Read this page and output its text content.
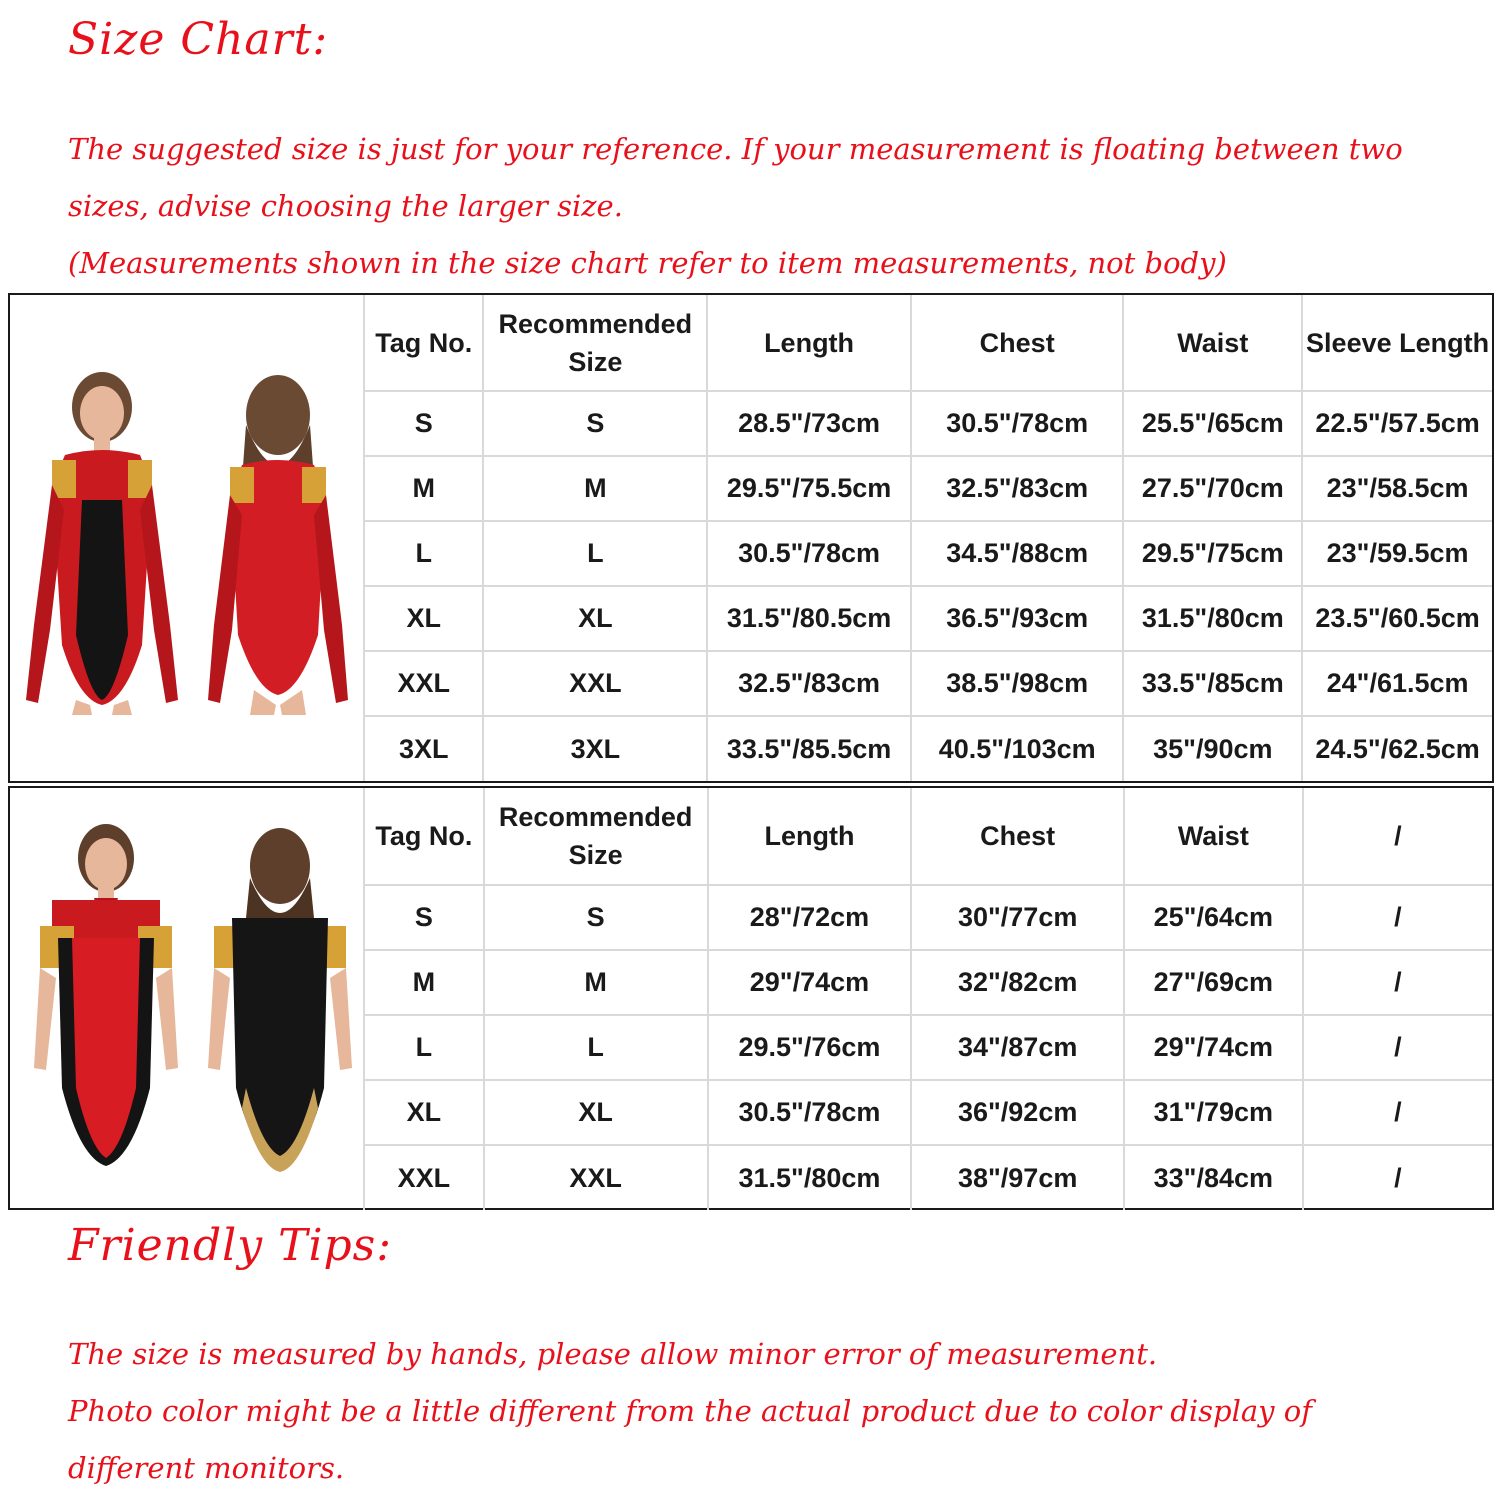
Size Chart:
The suggested size is just for your reference. If your measurement is floating between two
sizes, advise choosing the larger size.
(Measurements shown in the size chart refer to item measurements, not body)
Tag No.	Recommended Size	Length	Chest	Waist	Sleeve Length
S	S	28.5"/73cm	30.5"/78cm	25.5"/65cm	22.5"/57.5cm
M	M	29.5"/75.5cm	32.5"/83cm	27.5"/70cm	23"/58.5cm
L	L	30.5"/78cm	34.5"/88cm	29.5"/75cm	23"/59.5cm
XL	XL	31.5"/80.5cm	36.5"/93cm	31.5"/80cm	23.5"/60.5cm
XXL	XXL	32.5"/83cm	38.5"/98cm	33.5"/85cm	24"/61.5cm
3XL	3XL	33.5"/85.5cm	40.5"/103cm	35"/90cm	24.5"/62.5cm
Tag No.	Recommended Size	Length	Chest	Waist	/
S	S	28"/72cm	30"/77cm	25"/64cm	/
M	M	29"/74cm	32"/82cm	27"/69cm	/
L	L	29.5"/76cm	34"/87cm	29"/74cm	/
XL	XL	30.5"/78cm	36"/92cm	31"/79cm	/
XXL	XXL	31.5"/80cm	38"/97cm	33"/84cm	/
Friendly Tips:
The size is measured by hands, please allow minor error of measurement.
Photo color might be a little different from the actual product due to color display of
different monitors.
